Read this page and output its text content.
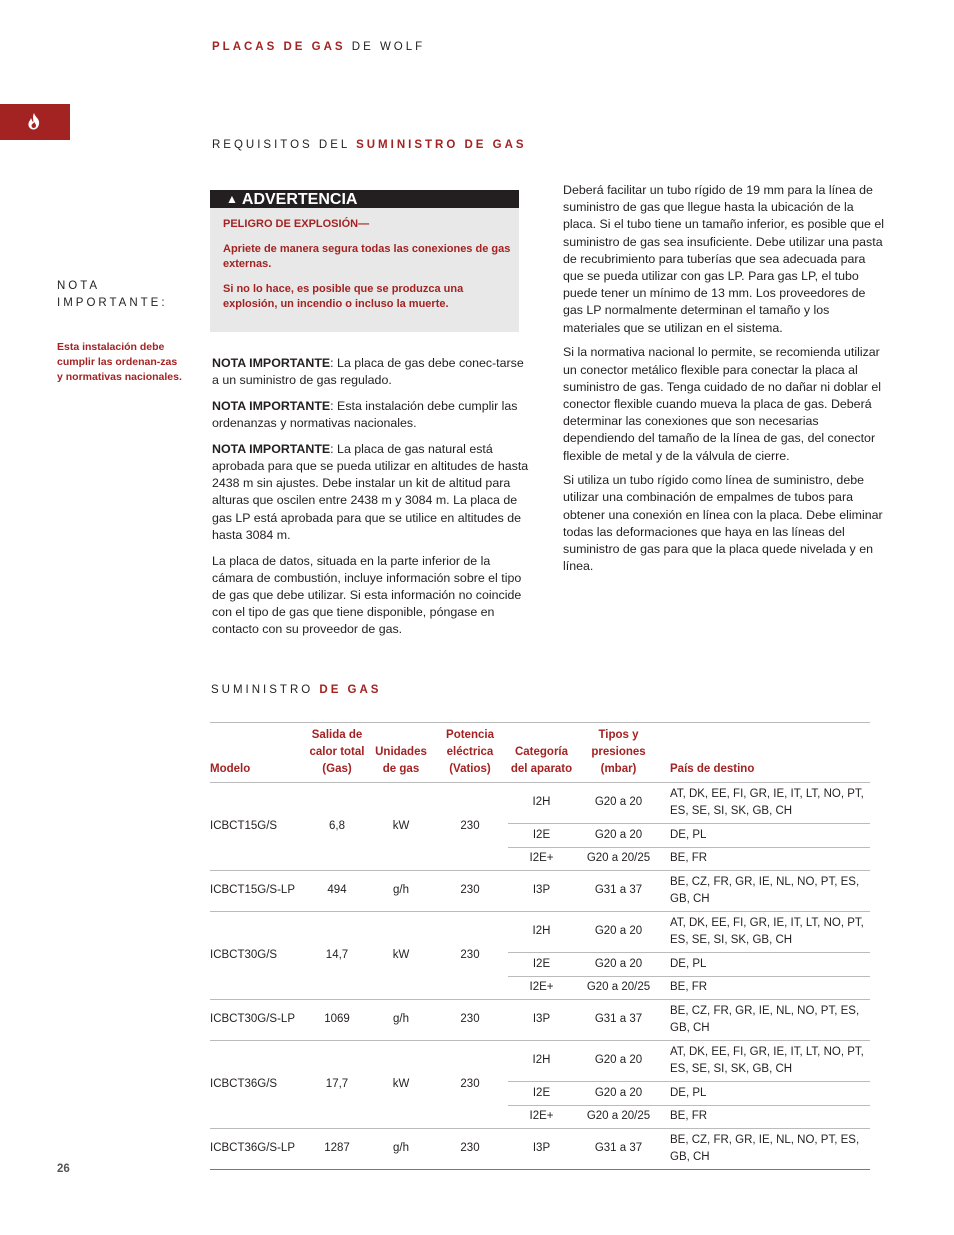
PLACAS DE GAS DE WOLF
REQUISITOS DEL SUMINISTRO DE GAS
NOTA
IMPORTANTE:
Esta instalación debe cumplir las ordenan-zas y normativas nacionales.
▲ ADVERTENCIA

PELIGRO DE EXPLOSIÓN—

Apriete de manera segura todas las conexiones de gas externas.

Si no lo hace, es posible que se produzca una explosión, un incendio o incluso la muerte.

NOTA IMPORTANTE: La placa de gas debe conec-tarse a un suministro de gas regulado.

NOTA IMPORTANTE: Esta instalación debe cumplir las ordenanzas y normativas nacionales.

NOTA IMPORTANTE: La placa de gas natural está aprobada para que se pueda utilizar en altitudes de hasta 2438 m sin ajustes. Debe instalar un kit de altitud para alturas que oscilen entre 2438 m y 3084 m. La placa de gas LP está aprobada para que se utilice en altitudes de hasta 3084 m.

La placa de datos, situada en la parte inferior de la cámara de combustión, incluye información sobre el tipo de gas que debe utilizar. Si esta información no coincide con el tipo de gas que tiene disponible, póngase en contacto con su proveedor de gas.

Deberá facilitar un tubo rígido de 19 mm para la línea de suministro de gas que llegue hasta la ubicación de la placa. Si el tubo tiene un tamaño inferior, es posible que el suministro de gas sea insuficiente. Debe utilizar una pasta de recubrimiento para tuberías que sea adecuada para que se pueda utilizar con gas LP. Para gas LP, el tubo puede tener un mínimo de 13 mm. Los proveedores de gas LP normalmente determinan el tamaño y los materiales que se utilizan en el sistema.

Si la normativa nacional lo permite, se recomienda utilizar un conector metálico flexible para conectar la placa al suministro de gas. Tenga cuidado de no dañar ni doblar el conector flexible cuando mueva la placa de gas. Deberá determinar las conexiones que son necesarias dependiendo del tamaño de la línea de gas, del conector flexible de metal y de la válvula de cierre.

Si utiliza un tubo rígido como línea de suministro, debe utilizar una combinación de empalmes de tubos para obtener una conexión en línea con la placa. Debe eliminar todas las deformaciones que haya en las líneas del suministro de gas para que la placa quede nivelada y en línea.

SUMINISTRO DE GAS
Modelo	Salida de calor total (Gas)	Unidades de gas	Potencia eléctrica (Vatios)	Categoría del aparato	Tipos y presiones (mbar)	País de destino
ICBCT15G/S	6,8	kW	230	I2H	G20 a 20	AT, DK, EE, FI, GR, IE, IT, LT, NO, PT, ES, SE, SI, SK, GB, CH
				I2E	G20 a 20	DE, PL
				I2E+	G20 a 20/25	BE, FR
ICBCT15G/S-LP	494	g/h	230	I3P	G31 a 37	BE, CZ, FR, GR, IE, NL, NO, PT, ES, GB, CH
ICBCT30G/S	14,7	kW	230	I2H	G20 a 20	AT, DK, EE, FI, GR, IE, IT, LT, NO, PT, ES, SE, SI, SK, GB, CH
				I2E	G20 a 20	DE, PL
				I2E+	G20 a 20/25	BE, FR
ICBCT30G/S-LP	1069	g/h	230	I3P	G31 a 37	BE, CZ, FR, GR, IE, NL, NO, PT, ES, GB, CH
ICBCT36G/S	17,7	kW	230	I2H	G20 a 20	AT, DK, EE, FI, GR, IE, IT, LT, NO, PT, ES, SE, SI, SK, GB, CH
				I2E	G20 a 20	DE, PL
				I2E+	G20 a 20/25	BE, FR
ICBCT36G/S-LP	1287	g/h	230	I3P	G31 a 37	BE, CZ, FR, GR, IE, NL, NO, PT, ES, GB, CH
26
